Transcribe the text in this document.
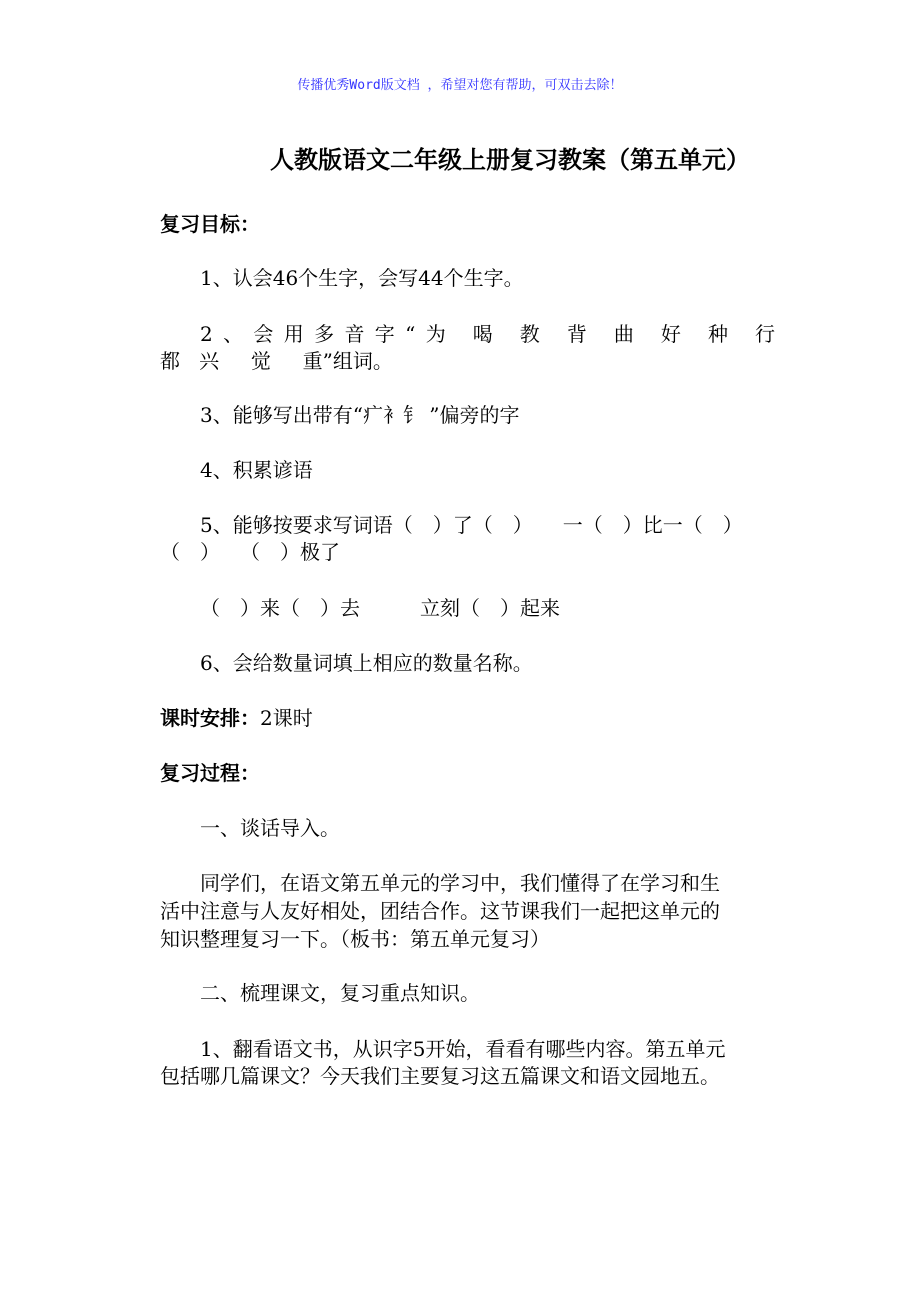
传播优秀Word版文档 ，希望对您有帮助，可双击去除！
人教版语文二年级上册复习教案（第五单元）
复习目标：
1、认会46个生字，会写44个生字。
2、会用多音字“为 喝 教 背 曲 好 种 行
都   兴     觉     重”组词。
3、能够写出带有“疒衤钅 ”偏旁的字
4、积累谚语
5、能够按要求写词语（　）了（　）　　一（　）比一（　）
（　）　　（　）极了
（　）来（　）去　　　立刻（　）起来
6、会给数量词填上相应的数量名称。
课时安排：2课时
复习过程：
一、谈话导入。
同学们，在语文第五单元的学习中，我们懂得了在学习和生
活中注意与人友好相处，团结合作。这节课我们一起把这单元的
知识整理复习一下。（板书：第五单元复习）
二、梳理课文，复习重点知识。
1、翻看语文书，从识字5开始，看看有哪些内容。第五单元
包括哪几篇课文？今天我们主要复习这五篇课文和语文园地五。
